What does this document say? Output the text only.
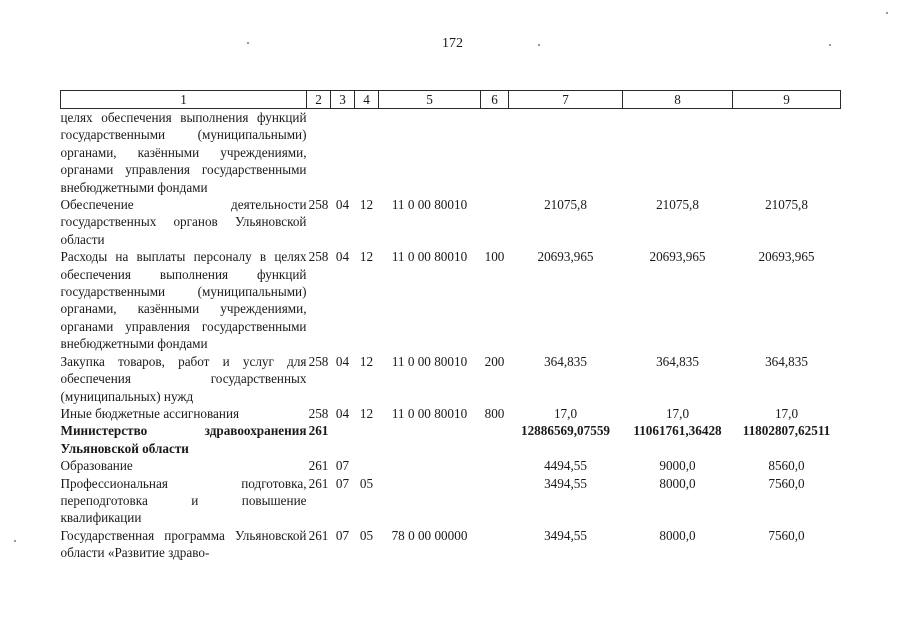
172
1	2	3	4	5	6	7	8	9
целях обеспечения выполнения функций государственными (муниципальными) органами, казёнными учреждениями, органами управления государственными внебюджетными фондами								
Обеспечение деятельности государственных органов Ульяновской области	258	04	12	11 0 00 80010		21075,8	21075,8	21075,8
Расходы на выплаты персоналу в целях обеспечения выполнения функций государственными (муниципальными) органами, казёнными учреждениями, органами управления государственными внебюджетными фондами	258	04	12	11 0 00 80010	100	20693,965	20693,965	20693,965
Закупка товаров, работ и услуг для обеспечения государственных (муниципальных) нужд	258	04	12	11 0 00 80010	200	364,835	364,835	364,835
Иные бюджетные ассигнования	258	04	12	11 0 00 80010	800	17,0	17,0	17,0
Министерство здравоохранения Ульяновской области	261					12886569,07559	11061761,36428	11802807,62511
Образование	261	07				4494,55	9000,0	8560,0
Профессиональная подготовка, переподготовка и повышение квалификации	261	07	05			3494,55	8000,0	7560,0
Государственная программа Ульяновской области «Развитие здраво-	261	07	05	78 0 00 00000		3494,55	8000,0	7560,0
